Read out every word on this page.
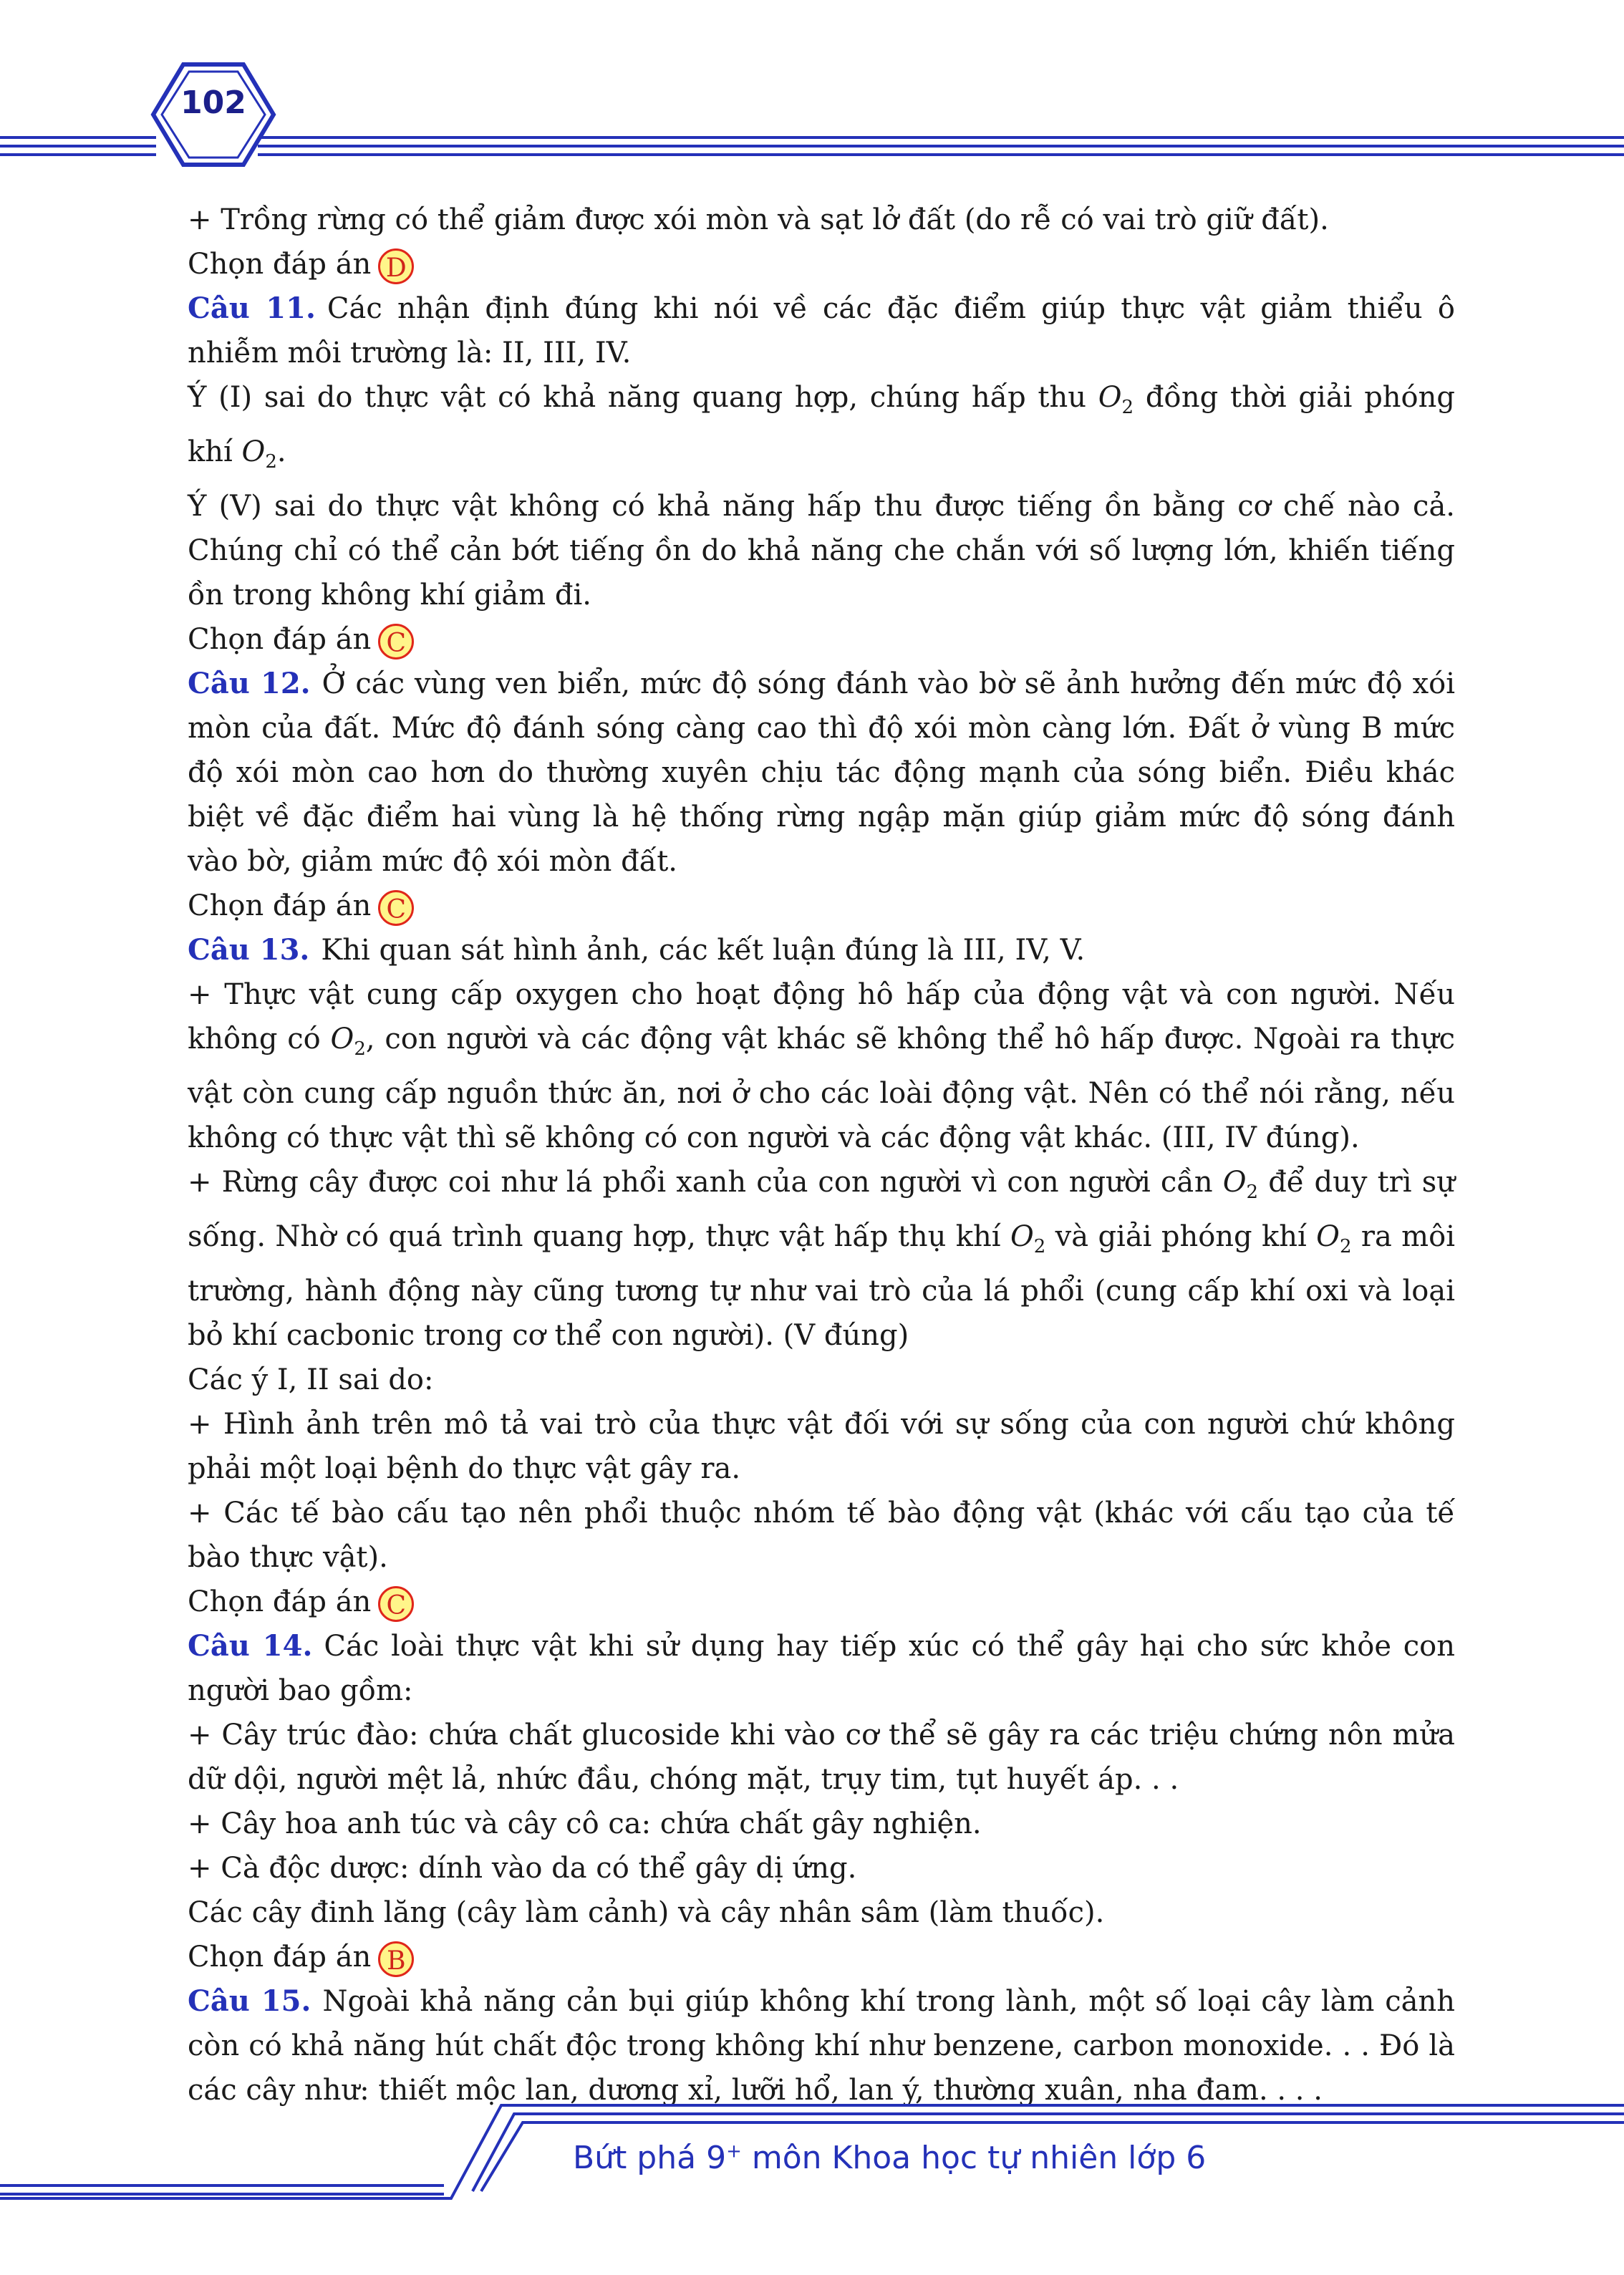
102

+ Trồng rừng có thể giảm được xói mòn và sạt lở đất (do rễ có vai trò giữ đất).

Chọn đáp án D

Câu 11. Các nhận định đúng khi nói về các đặc điểm giúp thực vật giảm thiểu ô nhiễm môi trường là: II, III, IV.

Ý (I) sai do thực vật có khả năng quang hợp, chúng hấp thu $O_2$ đồng thời giải phóng khí $O_2$.

Ý (V) sai do thực vật không có khả năng hấp thu được tiếng ồn bằng cơ chế nào cả. Chúng chỉ có thể cản bớt tiếng ồn do khả năng che chắn với số lượng lớn, khiến tiếng ồn trong không khí giảm đi.

Chọn đáp án C

Câu 12. Ở các vùng ven biển, mức độ sóng đánh vào bờ sẽ ảnh hưởng đến mức độ xói mòn của đất. Mức độ đánh sóng càng cao thì độ xói mòn càng lớn. Đất ở vùng B mức độ xói mòn cao hơn do thường xuyên chịu tác động mạnh của sóng biển. Điều khác biệt về đặc điểm hai vùng là hệ thống rừng ngập mặn giúp giảm mức độ sóng đánh vào bờ, giảm mức độ xói mòn đất.

Chọn đáp án C

Câu 13. Khi quan sát hình ảnh, các kết luận đúng là III, IV, V.

+ Thực vật cung cấp oxygen cho hoạt động hô hấp của động vật và con người. Nếu không có $O_2$, con người và các động vật khác sẽ không thể hô hấp được. Ngoài ra thực vật còn cung cấp nguồn thức ăn, nơi ở cho các loài động vật. Nên có thể nói rằng, nếu không có thực vật thì sẽ không có con người và các động vật khác. (III, IV đúng).

+ Rừng cây được coi như lá phổi xanh của con người vì con người cần $O_2$ để duy trì sự sống. Nhờ có quá trình quang hợp, thực vật hấp thụ khí $O_2$ và giải phóng khí $O_2$ ra môi trường, hành động này cũng tương tự như vai trò của lá phổi (cung cấp khí oxi và loại bỏ khí cacbonic trong cơ thể con người). (V đúng)

Các ý I, II sai do:

+ Hình ảnh trên mô tả vai trò của thực vật đối với sự sống của con người chứ không phải một loại bệnh do thực vật gây ra.

+ Các tế bào cấu tạo nên phổi thuộc nhóm tế bào động vật (khác với cấu tạo của tế bào thực vật).

Chọn đáp án C

Câu 14. Các loài thực vật khi sử dụng hay tiếp xúc có thể gây hại cho sức khỏe con người bao gồm:

+ Cây trúc đào: chứa chất glucoside khi vào cơ thể sẽ gây ra các triệu chứng nôn mửa dữ dội, người mệt lả, nhức đầu, chóng mặt, trụy tim, tụt huyết áp. . .

+ Cây hoa anh túc và cây cô ca: chứa chất gây nghiện.

+ Cà độc dược: dính vào da có thể gây dị ứng.

Các cây đinh lăng (cây làm cảnh) và cây nhân sâm (làm thuốc).

Chọn đáp án B

Câu 15. Ngoài khả năng cản bụi giúp không khí trong lành, một số loại cây làm cảnh còn có khả năng hút chất độc trong không khí như benzene, carbon monoxide. . . Đó là các cây như: thiết mộc lan, dương xỉ, lưỡi hổ, lan ý, thường xuân, nha đam. . . .

Bứt phá 9+ môn Khoa học tự nhiên lớp 6
